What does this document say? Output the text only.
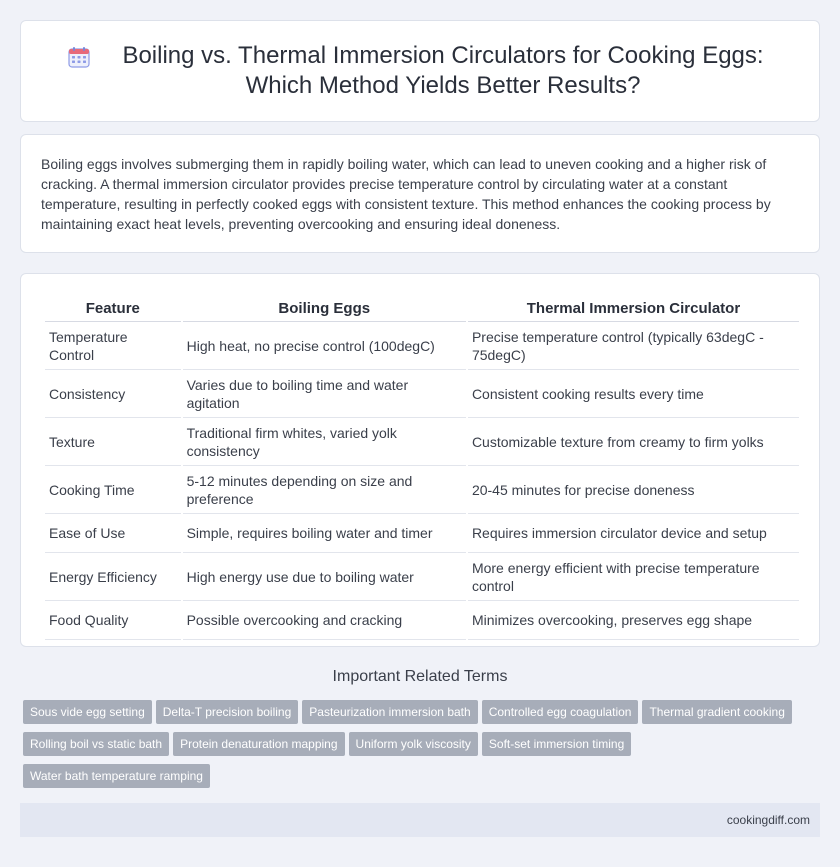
Boiling vs. Thermal Immersion Circulators for Cooking Eggs: Which Method Yields Better Results?

Boiling eggs involves submerging them in rapidly boiling water, which can lead to uneven cooking and a higher risk of cracking. A thermal immersion circulator provides precise temperature control by circulating water at a constant temperature, resulting in perfectly cooked eggs with consistent texture. This method enhances the cooking process by maintaining exact heat levels, preventing overcooking and ensuring ideal doneness.

Feature	Boiling Eggs	Thermal Immersion Circulator
Temperature Control	High heat, no precise control (100degC)	Precise temperature control (typically 63degC - 75degC)
Consistency	Varies due to boiling time and water agitation	Consistent cooking results every time
Texture	Traditional firm whites, varied yolk consistency	Customizable texture from creamy to firm yolks
Cooking Time	5-12 minutes depending on size and preference	20-45 minutes for precise doneness
Ease of Use	Simple, requires boiling water and timer	Requires immersion circulator device and setup
Energy Efficiency	High energy use due to boiling water	More energy efficient with precise temperature control
Food Quality	Possible overcooking and cracking	Minimizes overcooking, preserves egg shape
Important Related Terms
Sous vide egg setting Delta-T precision boiling Pasteurization immersion bath Controlled egg coagulation Thermal gradient cookingRolling boil vs static bath Protein denaturation mapping Uniform yolk viscosity Soft-set immersion timingWater bath temperature ramping
cookingdiff.com
